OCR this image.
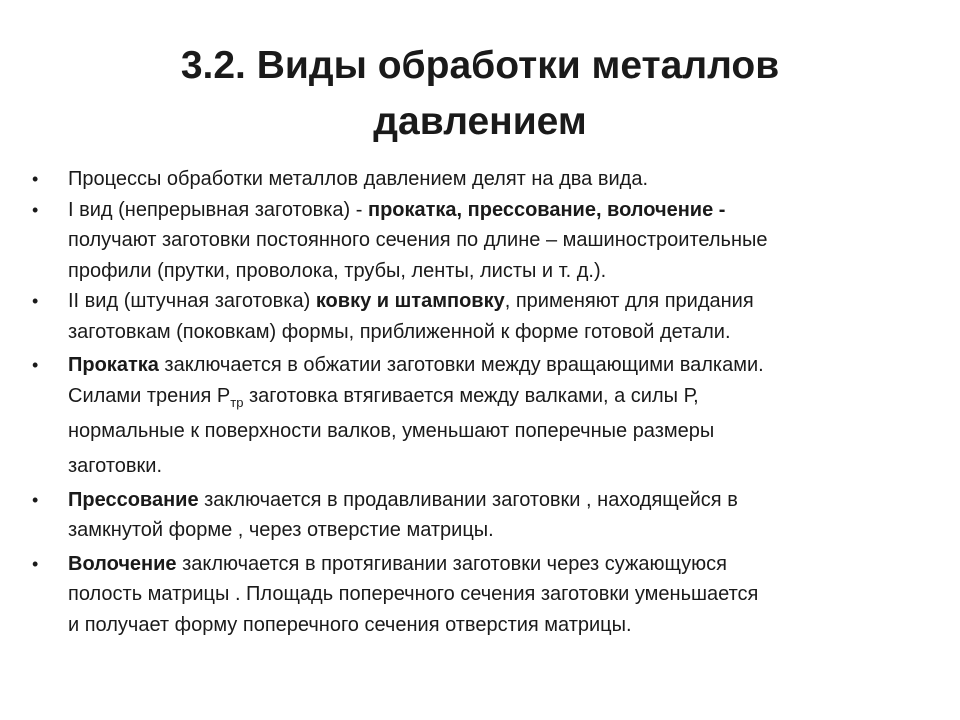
3.2. Виды обработки металлов
давлением
• Процессы обработки металлов давлением делят на два вида.
• I вид (непрерывная заготовка) - прокатка, прессование, волочение -
получают заготовки постоянного сечения по длине – машиностроительные
профили (прутки, проволока, трубы, ленты, листы и т. д.).
• II вид (штучная заготовка) ковку и штамповку, применяют для придания
заготовкам (поковкам) формы, приближенной к форме готовой детали.
• Прокатка заключается в обжатии заготовки между вращающими валками.
Силами трения $Р_{тр}$ заготовка втягивается между валками, а силы Р,
нормальные к поверхности валков, уменьшают поперечные размеры
заготовки.
• Прессование заключается в продавливании заготовки , находящейся в
замкнутой форме , через отверстие матрицы.
• Волочение заключается в протягивании заготовки через сужающуюся
полость матрицы . Площадь поперечного сечения заготовки уменьшается
и получает форму поперечного сечения отверстия матрицы.
